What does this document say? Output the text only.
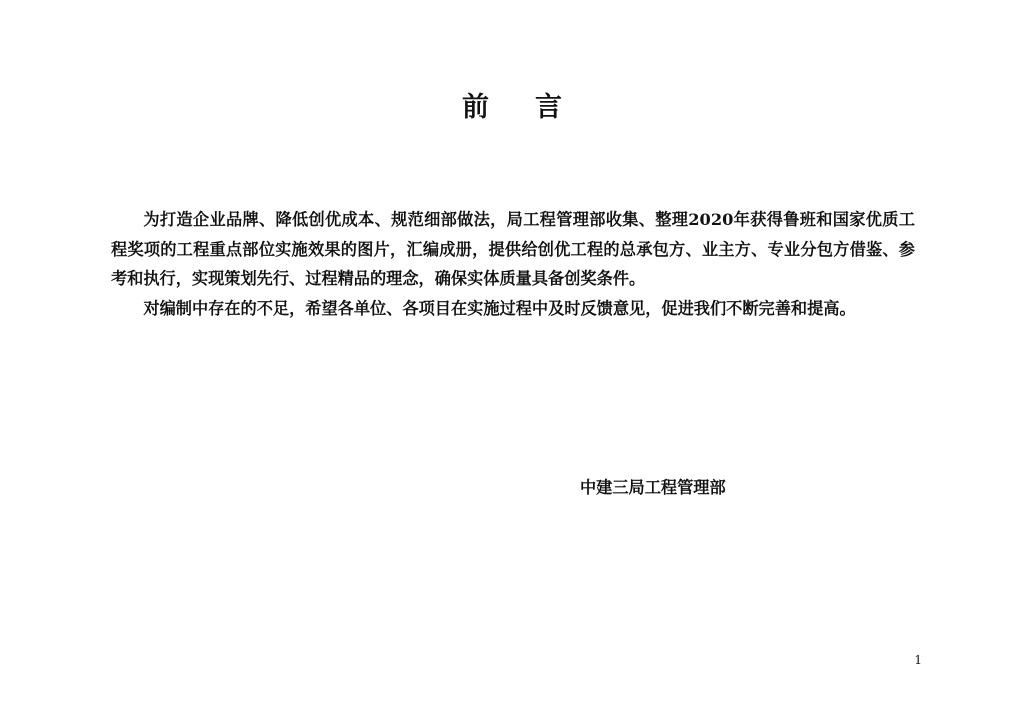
前言

为打造企业品牌、降低创优成本、规范细部做法，局工程管理部收集、整理2020年获得鲁班和国家优质工程奖项的工程重点部位实施效果的图片，汇编成册，提供给创优工程的总承包方、业主方、专业分包方借鉴、参考和执行，实现策划先行、过程精品的理念，确保实体质量具备创奖条件。

对编制中存在的不足，希望各单位、各项目在实施过程中及时反馈意见，促进我们不断完善和提高。

中建三局工程管理部
1
